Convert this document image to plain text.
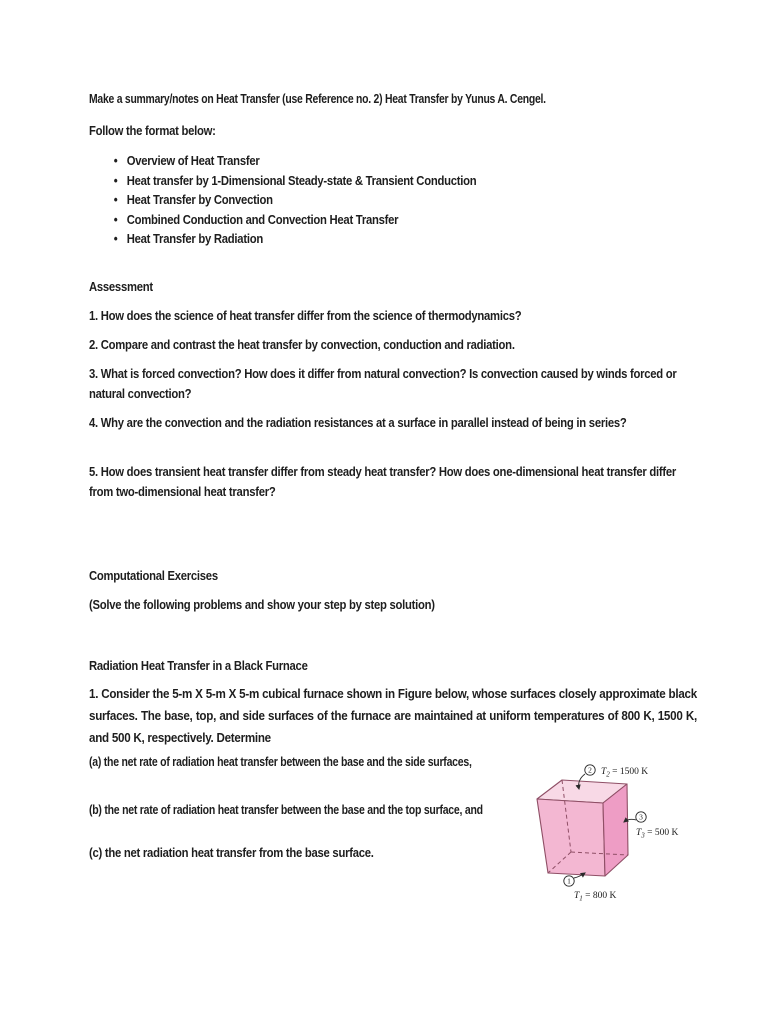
Make a summary/notes on Heat Transfer (use Reference no. 2) Heat Transfer by Yunus A. Cengel.
Follow the format below:
• Overview of Heat Transfer
• Heat transfer by 1-Dimensional Steady-state & Transient Conduction
• Heat Transfer by Convection
• Combined Conduction and Convection Heat Transfer
• Heat Transfer by Radiation
Assessment
1. How does the science of heat transfer differ from the science of thermodynamics?
2. Compare and contrast the heat transfer by convection, conduction and radiation.
3. What is forced convection? How does it differ from natural convection? Is convection caused by winds forced or natural convection?
4. Why are the convection and the radiation resistances at a surface in parallel instead of being in series?
5. How does transient heat transfer differ from steady heat transfer? How does one-dimensional heat transfer differ from two-dimensional heat transfer?
Computational Exercises
(Solve the following problems and show your step by step solution)
Radiation Heat Transfer in a Black Furnace
1. Consider the 5-m X 5-m X 5-m cubical furnace shown in Figure below, whose surfaces closely approximate black surfaces. The base, top, and side surfaces of the furnace are maintained at uniform temperatures of 800 K, 1500 K, and 500 K, respectively. Determine
(a) the net rate of radiation heat transfer between the base and the side surfaces,
(b) the net rate of radiation heat transfer between the base and the top surface, and
(c) the net radiation heat transfer from the base surface.
2 $T_2 = 1500$ K
3
$T_3 = 500$ K
1
$T_1 = 800$ K
